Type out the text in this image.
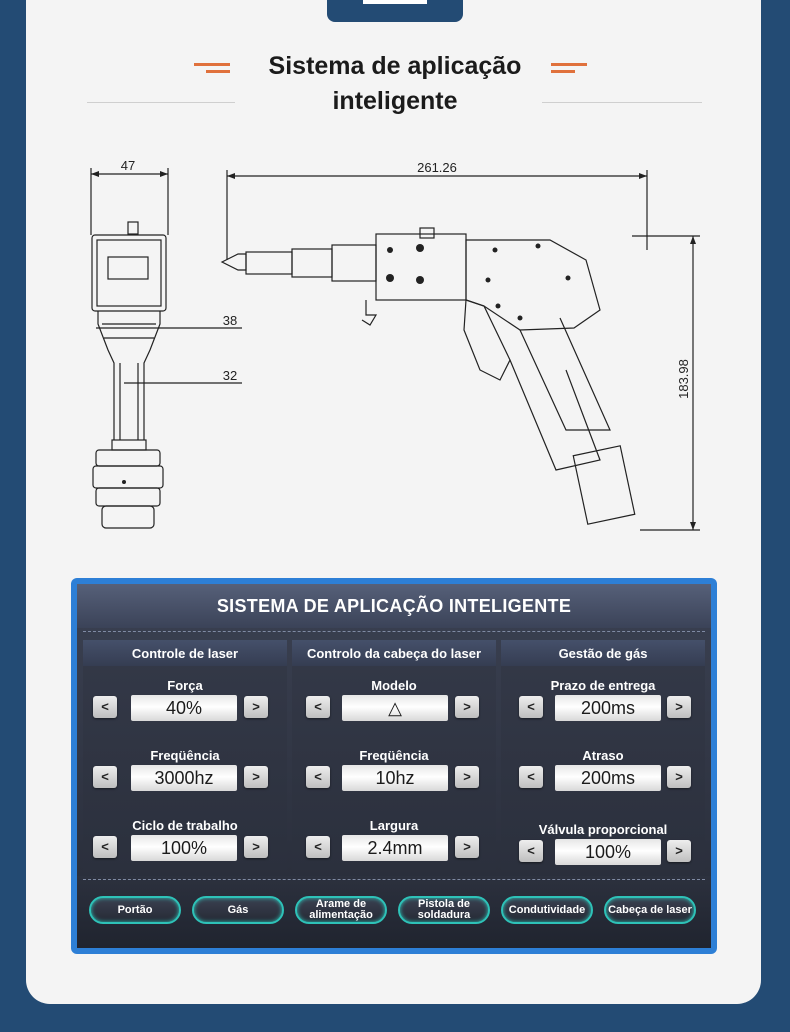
Sistema de aplicação
inteligente
47	261.26
38
32	183.98
SISTEMA DE APLICAÇÃO INTELIGENTE
Controle de laser
Força
<	40%	>
Freqüência
<	3000hz	>
Ciclo de trabalho
<	100%	>
Controlo da cabeça do laser
Modelo
<	△	>
Freqüência
<	10hz	>
Largura
<	2.4mm	>
Gestão de gás
Prazo de entrega
<	200ms	>
Atraso
<	200ms	>
Válvula proporcional
<	100%	>
Portão	Gás	Arame de alimentação
Pistola de soldadura	Condutividade	Cabeça de laser
